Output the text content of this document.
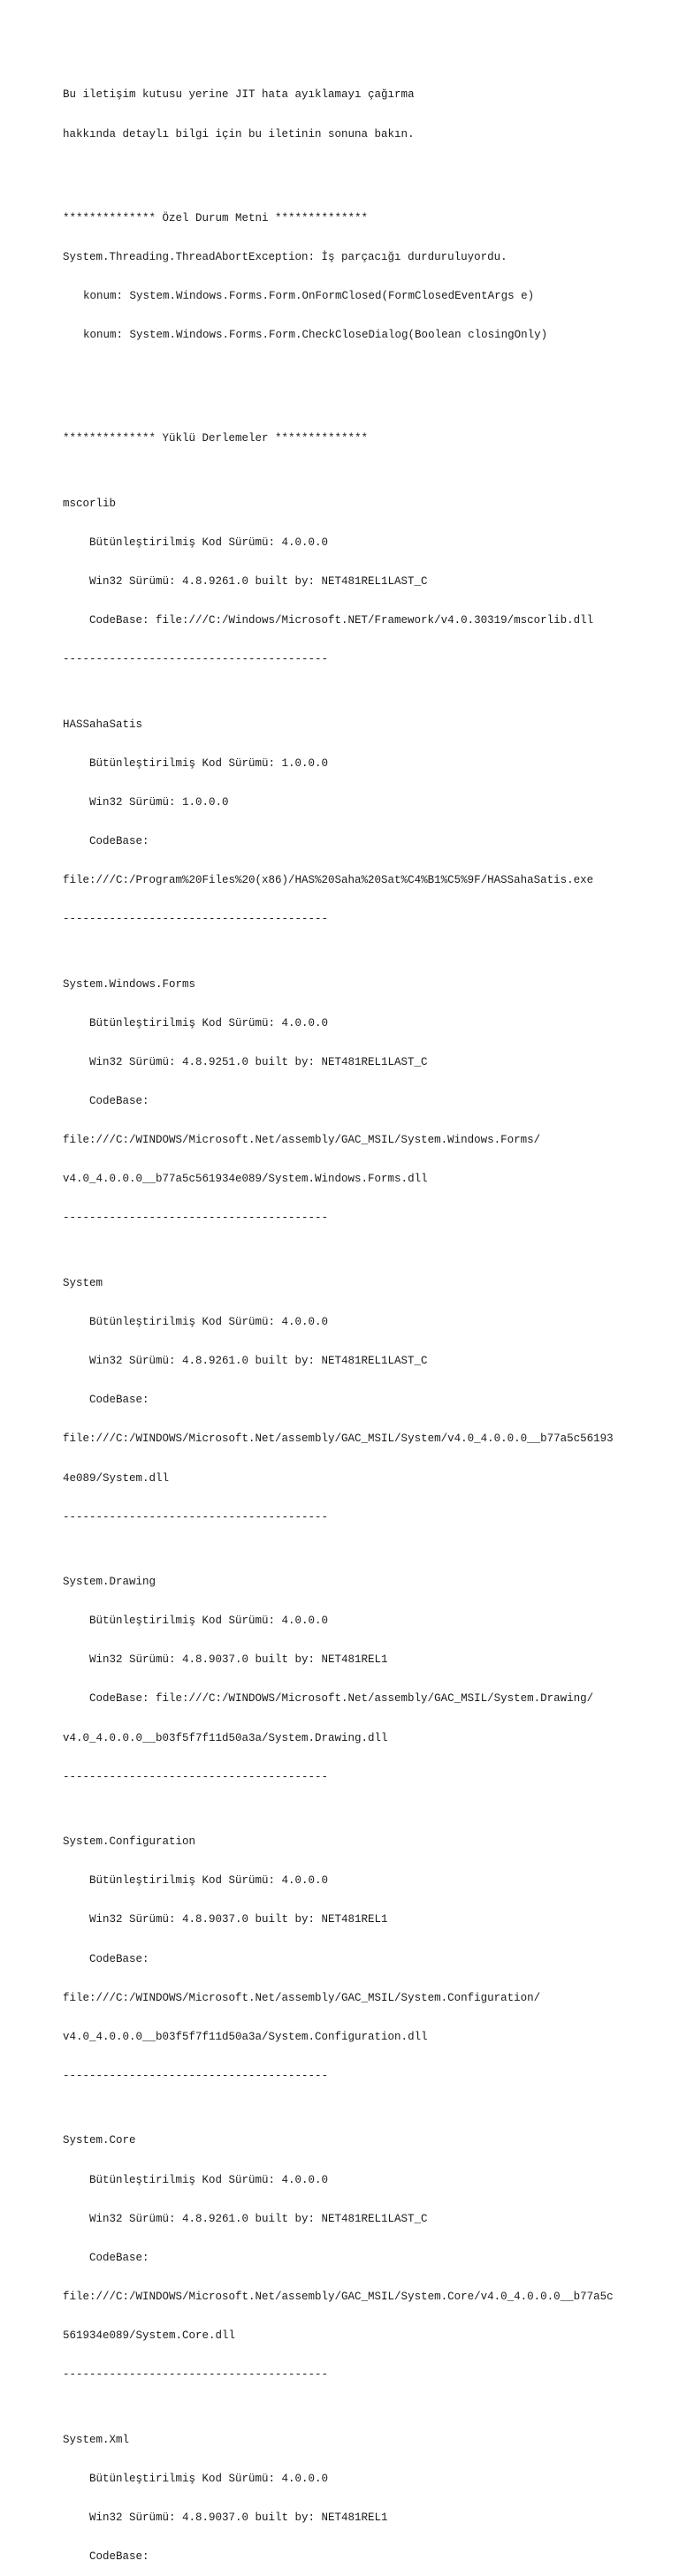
Bu iletişim kutusu yerine JIT hata ayıklamayı çağırma

hakkında detaylı bilgi için bu iletinin sonuna bakın.

************** Özel Durum Metni **************

System.Threading.ThreadAbortException: İş parçacığı durduruluyordu.

konum: System.Windows.Forms.Form.OnFormClosed(FormClosedEventArgs e)

konum: System.Windows.Forms.Form.CheckCloseDialog(Boolean closingOnly)

************** Yüklü Derlemeler **************

mscorlib

Bütünleştirilmiş Kod Sürümü: 4.0.0.0

Win32 Sürümü: 4.8.9261.0 built by: NET481REL1LAST_C

CodeBase: file:///C:/Windows/Microsoft.NET/Framework/v4.0.30319/mscorlib.dll

----------------------------------------

HASSahaSatis

Bütünleştirilmiş Kod Sürümü: 1.0.0.0

Win32 Sürümü: 1.0.0.0

CodeBase:

file:///C:/Program%20Files%20(x86)/HAS%20Saha%20Sat%C4%B1%C5%9F/HASSahaSatis.exe

----------------------------------------

System.Windows.Forms

Bütünleştirilmiş Kod Sürümü: 4.0.0.0

Win32 Sürümü: 4.8.9251.0 built by: NET481REL1LAST_C

CodeBase:

file:///C:/WINDOWS/Microsoft.Net/assembly/GAC_MSIL/System.Windows.Forms/

v4.0_4.0.0.0__b77a5c561934e089/System.Windows.Forms.dll

----------------------------------------

System

Bütünleştirilmiş Kod Sürümü: 4.0.0.0

Win32 Sürümü: 4.8.9261.0 built by: NET481REL1LAST_C

CodeBase:

file:///C:/WINDOWS/Microsoft.Net/assembly/GAC_MSIL/System/v4.0_4.0.0.0__b77a5c56193

4e089/System.dll

----------------------------------------

System.Drawing

Bütünleştirilmiş Kod Sürümü: 4.0.0.0

Win32 Sürümü: 4.8.9037.0 built by: NET481REL1

CodeBase: file:///C:/WINDOWS/Microsoft.Net/assembly/GAC_MSIL/System.Drawing/

v4.0_4.0.0.0__b03f5f7f11d50a3a/System.Drawing.dll

----------------------------------------

System.Configuration

Bütünleştirilmiş Kod Sürümü: 4.0.0.0

Win32 Sürümü: 4.8.9037.0 built by: NET481REL1

CodeBase:

file:///C:/WINDOWS/Microsoft.Net/assembly/GAC_MSIL/System.Configuration/

v4.0_4.0.0.0__b03f5f7f11d50a3a/System.Configuration.dll

----------------------------------------

System.Core

Bütünleştirilmiş Kod Sürümü: 4.0.0.0

Win32 Sürümü: 4.8.9261.0 built by: NET481REL1LAST_C

CodeBase:

file:///C:/WINDOWS/Microsoft.Net/assembly/GAC_MSIL/System.Core/v4.0_4.0.0.0__b77a5c

561934e089/System.Core.dll

----------------------------------------

System.Xml

Bütünleştirilmiş Kod Sürümü: 4.0.0.0

Win32 Sürümü: 4.8.9037.0 built by: NET481REL1

CodeBase:
